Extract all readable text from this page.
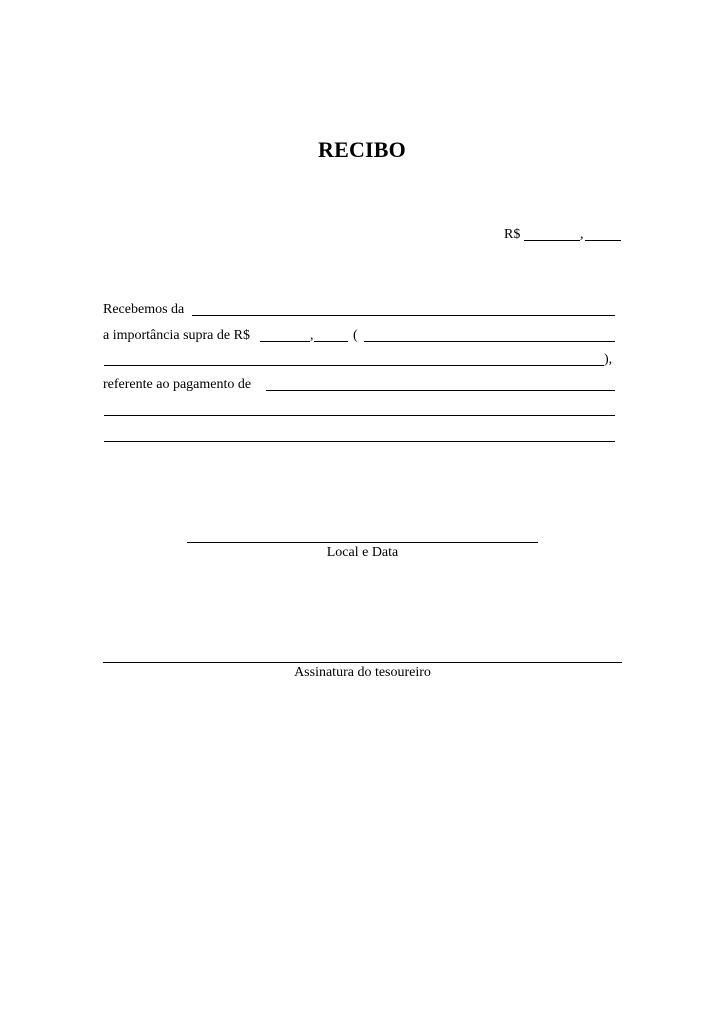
RECIBO
R$	,
Recebemos da
a importância supra de R$	,	(
),
referente ao pagamento de
Local e Data
Assinatura do tesoureiro
